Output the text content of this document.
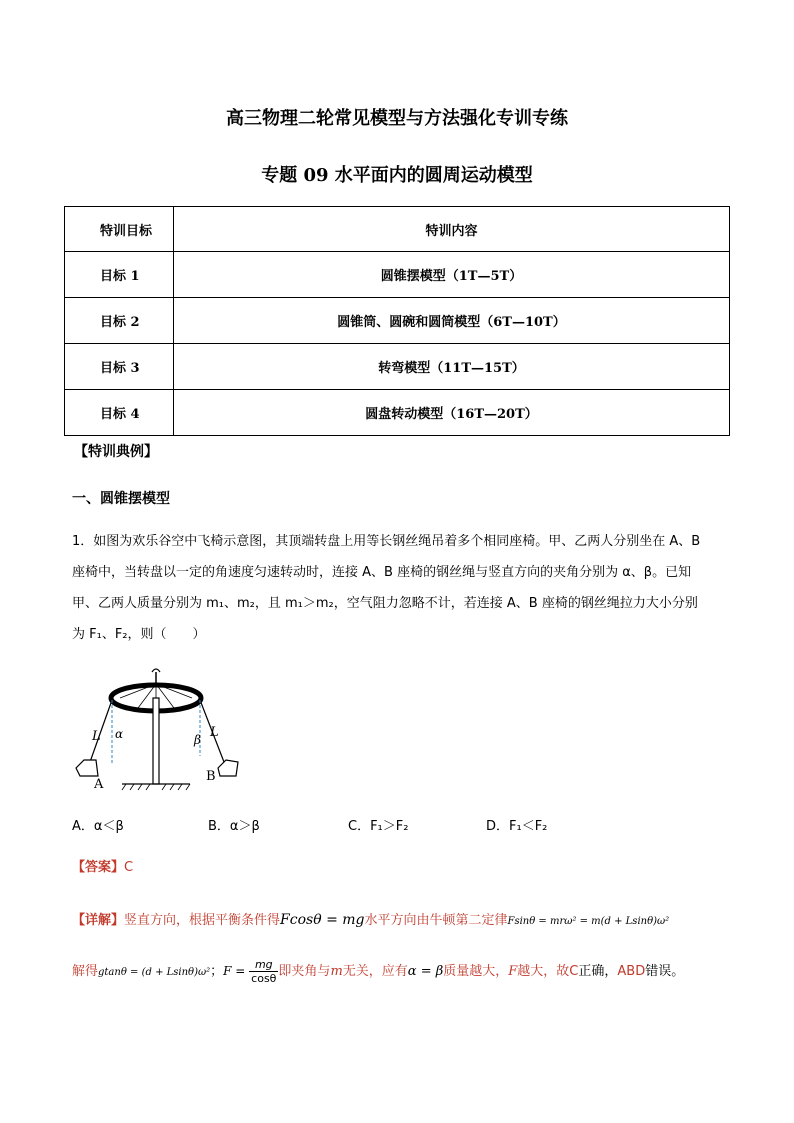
高三物理二轮常见模型与方法强化专训专练
专题 09 水平面内的圆周运动模型
特训目标	特训内容
目标 1	圆锥摆模型（1T—5T）
目标 2	圆锥筒、圆碗和圆筒模型（6T—10T）
目标 3	转弯模型（11T—15T）
目标 4	圆盘转动模型（16T—20T）
【特训典例】
一、圆锥摆模型
1．如图为欢乐谷空中飞椅示意图，其顶端转盘上用等长钢丝绳吊着多个相同座椅。甲、乙两人分别坐在 A、B
座椅中，当转盘以一定的角速度匀速转动时，连接 A、B 座椅的钢丝绳与竖直方向的夹角分别为 α、β。已知
甲、乙两人质量分别为 m₁、m₂，且 m₁＞m₂，空气阻力忽略不计，若连接 A、B 座椅的钢丝绳拉力大小分别
为 F₁、F₂，则（　　）
L α	β L
A
B
A．α＜β	B．α＞β	C．F₁＞F₂	D．F₁＜F₂
【答案】C
【详解】竖直方向，根据平衡条件得Fcosθ = mg水平方向由牛顿第二定律Fsinθ = mrω² = m(d + Lsinθ)ω²
解得gtanθ = (d + Lsinθ)ω²；$F = \frac{mg}{\cos\theta}$ 即夹角与m无关，应有α = β质量越大，F越大，故C正确，ABD错误。
